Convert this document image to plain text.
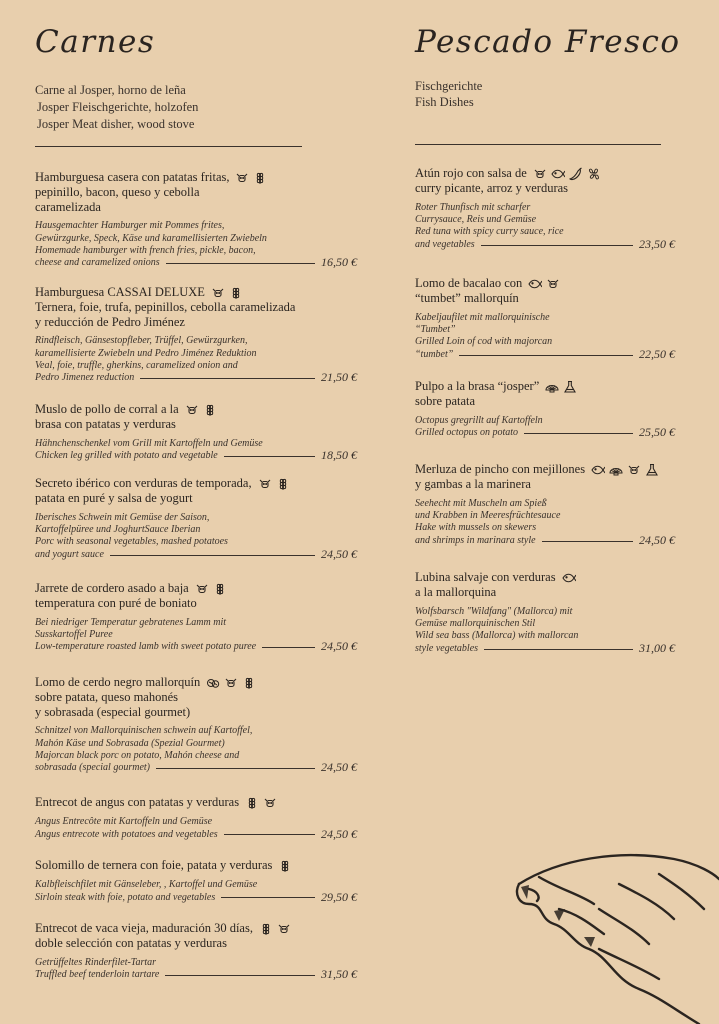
Carnes
Carne al Josper, horno de leña
Josper Fleischgerichte, holzofen
Josper Meat disher, wood stove
Hamburguesa casera con patatas fritas,
pepinillo, bacon, queso y cebolla
caramelizada
Hausgemachter Hamburger mit Pommes frites,
Gewürzgurke, Speck, Käse und karamellisierten Zwiebeln
Homemade hamburger with french fries, pickle, bacon,
cheese and caramelized onions	16,50 €
Hamburguesa CASSAI DELUXE
Ternera, foie, trufa, pepinillos, cebolla caramelizada
y reducción de Pedro Jiménez
Rindfleisch, Gänsestopfleber, Trüffel, Gewürzgurken,
karamellisierte Zwiebeln und Pedro Jiménez Reduktion
Veal, foie, truffle, gherkins, caramelized onion and
Pedro Jimenez reduction	21,50 €
Muslo de pollo de corral a la
brasa con patatas y verduras
Hähnchenschenkel vom Grill mit Kartoffeln und Gemüse
Chicken leg grilled with potato and vegetable	18,50 €
Secreto ibérico con verduras de temporada,
patata en puré y salsa de yogurt
Iberisches Schwein mit Gemüse der Saison,
Kartoffelpüree und JoghurtSauce Iberian
Porc with seasonal vegetables, mashed potatoes
and yogurt sauce	24,50 €
Jarrete de cordero asado a baja
temperatura con puré de boniato
Bei niedriger Temperatur gebratenes Lamm mit
Susskartoffel Puree
Low-temperature roasted lamb with sweet potato puree	24,50 €
Lomo de cerdo negro mallorquín
sobre patata, queso mahonés
y sobrasada (especial gourmet)
Schnitzel von Mallorquinischen schwein auf Kartoffel,
Mahón Käse und Sobrasada (Spezial Gourmet)
Majorcan black porc on potato, Mahón cheese and
sobrasada (special gourmet)	24,50 €
Entrecot de angus con patatas y verduras
Angus Entrecôte mit Kartoffeln und Gemüse
Angus entrecote with potatoes and vegetables	24,50 €
Solomillo de ternera con foie, patata y verduras
Kalbfleischfilet mit Gänseleber, , Kartoffel und Gemüse
Sirloin steak with foie, potato and vegetables	29,50 €
Entrecot de vaca vieja, maduración 30 días,
doble selección con patatas y verduras
Getrüffeltes Rinderfilet-Tartar
Truffled beef tenderloin tartare	31,50 €
Pescado Fresco
Fischgerichte
Fish Dishes
Atún rojo con salsa de
curry picante, arroz y verduras
Roter Thunfisch mit scharfer
Currysauce, Reis und Gemüse
Red tuna with spicy curry sauce, rice
and vegetables	23,50 €
Lomo de bacalao con
“tumbet” mallorquín
Kabeljaufilet mit mallorquinische
“Tumbet”
Grilled Loin of cod with majorcan
“tumbet”	22,50 €
Pulpo a la brasa “josper”
sobre patata
Octopus gregrillt auf Kartoffeln
Grilled octopus on potato	25,50 €
Merluza de pincho con mejillones
y gambas a la marinera
Seehecht mit Muscheln am Spieß
und Krabben in Meeresfrüchtesauce
Hake with mussels on skewers
and shrimps in marinara style	24,50 €
Lubina salvaje con verduras
a la mallorquina
Wolfsbarsch "Wildfang" (Mallorca) mit
Gemüse mallorquinischen Stil
Wild sea bass (Mallorca) with mallorcan
style vegetables	31,00 €
